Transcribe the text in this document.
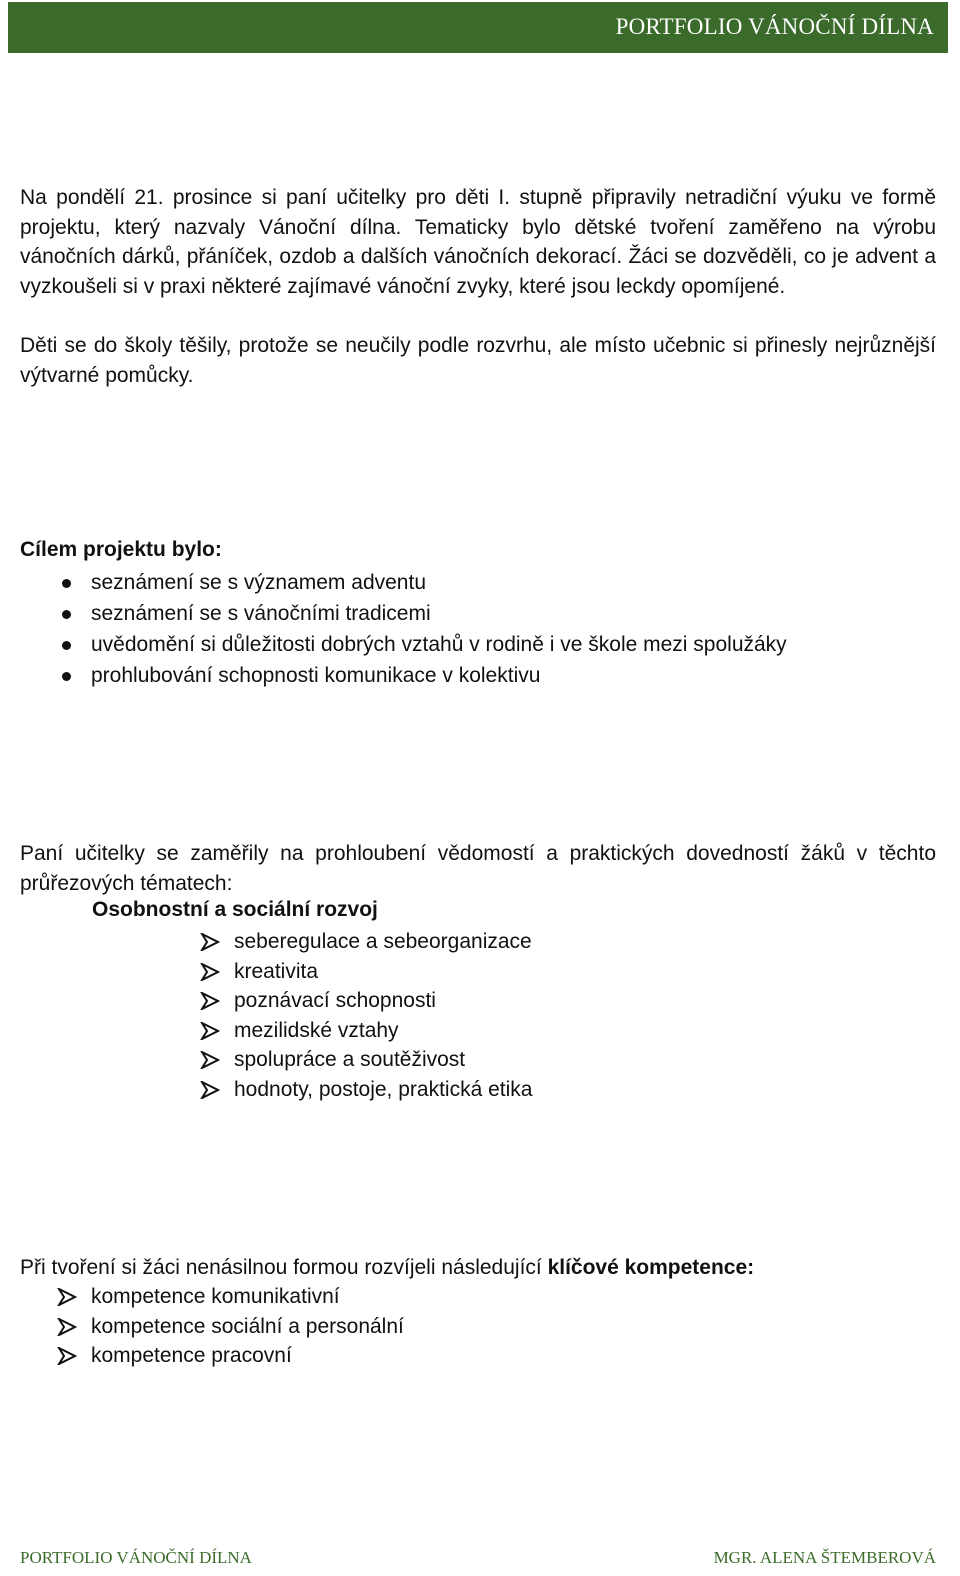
PORTFOLIO VÁNOČNÍ DÍLNA

Na pondělí 21. prosince si paní učitelky pro děti I. stupně připravily netradiční výuku ve formě projektu, který nazvaly Vánoční dílna. Tematicky bylo dětské tvoření zaměřeno na výrobu vánočních dárků, přáníček, ozdob a dalších vánočních dekorací. Žáci se dozvěděli, co je advent a vyzkoušeli si v praxi některé zajímavé vánoční zvyky, které jsou leckdy opomíjené.

Děti se do školy těšily, protože se neučily podle rozvrhu, ale místo učebnic si přinesly nejrůznější výtvarné pomůcky.

Cílem projektu bylo:

seznámení se s významem adventu
seznámení se s vánočními tradicemi
uvědomění si důležitosti dobrých vztahů v rodině i ve škole mezi spolužáky
prohlubování schopnosti komunikace v kolektivu

Paní učitelky se zaměřily na prohloubení vědomostí a praktických dovedností žáků v těchto průřezových tématech:

Osobnostní a sociální rozvoj
seberegulace a sebeorganizace
kreativita
poznávací schopnosti
mezilidské vztahy
spolupráce a soutěživost
hodnoty, postoje, praktická etika

Při tvoření si žáci nenásilnou formou rozvíjeli následující klíčové kompetence:

kompetence komunikativní
kompetence sociální a personální
kompetence pracovní
PORTFOLIO VÁNOČNÍ DÍLNA	MGR. ALENA ŠTEMBEROVÁ
